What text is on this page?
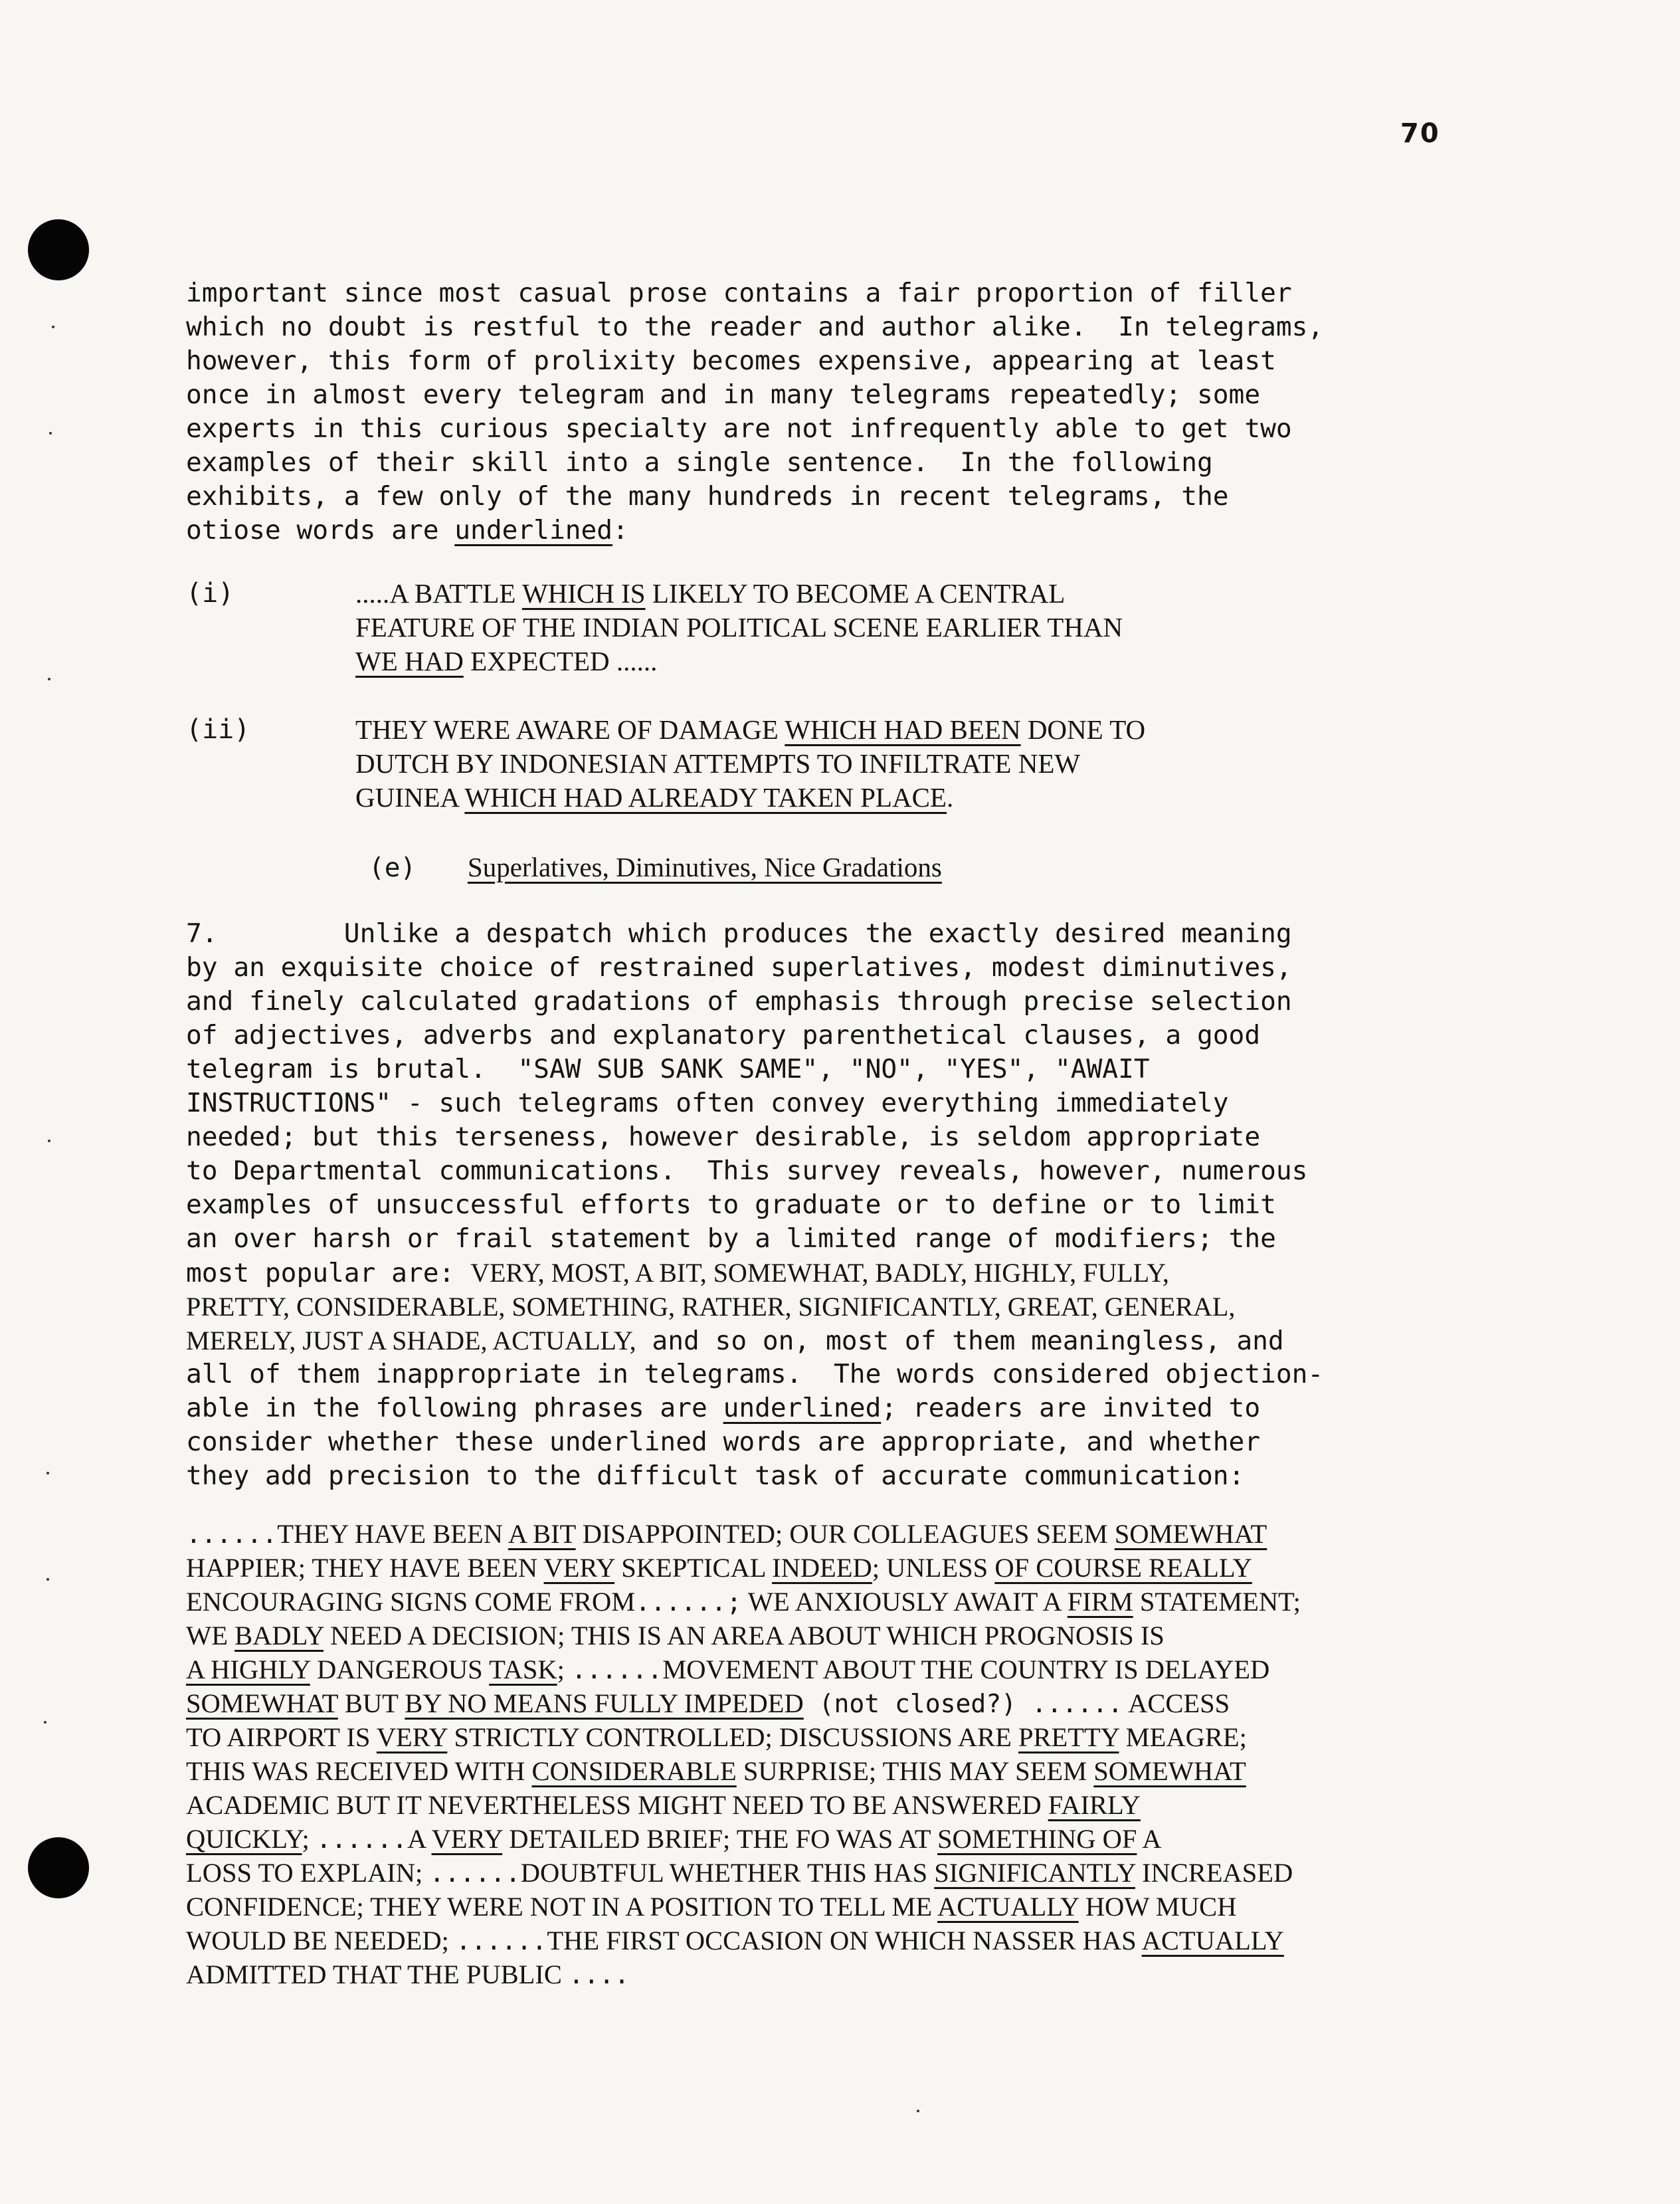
70
important since most casual prose contains a fair proportion of filler
which no doubt is restful to the reader and author alike.  In telegrams,
however, this form of prolixity becomes expensive, appearing at least
once in almost every telegram and in many telegrams repeatedly; some
experts in this curious specialty are not infrequently able to get two
examples of their skill into a single sentence.  In the following
exhibits, a few only of the many hundreds in recent telegrams, the
otiose words are underlined:
(i)	.....A BATTLE WHICH IS LIKELY TO BECOME A CENTRAL
FEATURE OF THE INDIAN POLITICAL SCENE EARLIER THAN
WE HAD EXPECTED ......
(ii)	THEY WERE AWARE OF DAMAGE WHICH HAD BEEN DONE TO
DUTCH BY INDONESIAN ATTEMPTS TO INFILTRATE NEW
GUINEA WHICH HAD ALREADY TAKEN PLACE.
(e) Superlatives, Diminutives, Nice Gradations
7.        Unlike a despatch which produces the exactly desired meaning
by an exquisite choice of restrained superlatives, modest diminutives,
and finely calculated gradations of emphasis through precise selection
of adjectives, adverbs and explanatory parenthetical clauses, a good
telegram is brutal.  "SAW SUB SANK SAME", "NO", "YES", "AWAIT
INSTRUCTIONS" - such telegrams often convey everything immediately
needed; but this terseness, however desirable, is seldom appropriate
to Departmental communications.  This survey reveals, however, numerous
examples of unsuccessful efforts to graduate or to define or to limit
an over harsh or frail statement by a limited range of modifiers; the
most popular are: VERY, MOST, A BIT, SOMEWHAT, BADLY, HIGHLY, FULLY,
PRETTY, CONSIDERABLE, SOMETHING, RATHER, SIGNIFICANTLY, GREAT, GENERAL,
MERELY, JUST A SHADE, ACTUALLY, and so on, most of them meaningless, and
all of them inappropriate in telegrams.  The words considered objection-
able in the following phrases are underlined; readers are invited to
consider whether these underlined words are appropriate, and whether
they add precision to the difficult task of accurate communication:
......THEY HAVE BEEN A BIT DISAPPOINTED; OUR COLLEAGUES SEEM SOMEWHAT
HAPPIER; THEY HAVE BEEN VERY SKEPTICAL INDEED; UNLESS OF COURSE REALLY
ENCOURAGING SIGNS COME FROM......; WE ANXIOUSLY AWAIT A FIRM STATEMENT;
WE BADLY NEED A DECISION; THIS IS AN AREA ABOUT WHICH PROGNOSIS IS
A HIGHLY DANGEROUS TASK; ......MOVEMENT ABOUT THE COUNTRY IS DELAYED
SOMEWHAT BUT BY NO MEANS FULLY IMPEDED (not closed?) ...... ACCESS
TO AIRPORT IS VERY STRICTLY CONTROLLED; DISCUSSIONS ARE PRETTY MEAGRE;
THIS WAS RECEIVED WITH CONSIDERABLE SURPRISE; THIS MAY SEEM SOMEWHAT
ACADEMIC BUT IT NEVERTHELESS MIGHT NEED TO BE ANSWERED FAIRLY
QUICKLY; ......A VERY DETAILED BRIEF; THE FO WAS AT SOMETHING OF A
LOSS TO EXPLAIN; ......DOUBTFUL WHETHER THIS HAS SIGNIFICANTLY INCREASED
CONFIDENCE; THEY WERE NOT IN A POSITION TO TELL ME ACTUALLY HOW MUCH
WOULD BE NEEDED; ......THE FIRST OCCASION ON WHICH NASSER HAS ACTUALLY
ADMITTED THAT THE PUBLIC ....
